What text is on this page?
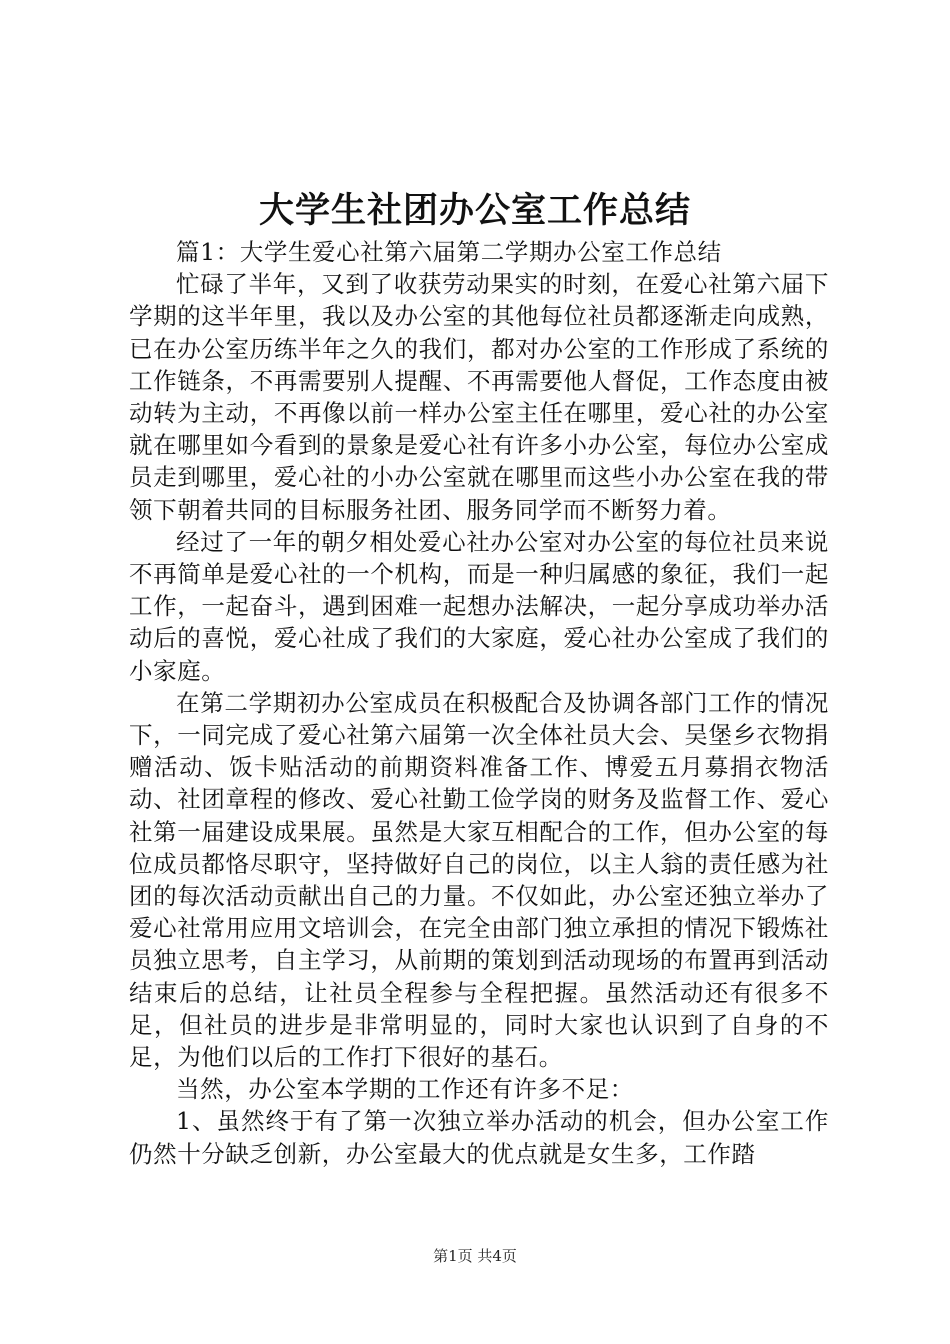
大学生社团办公室工作总结

篇1：大学生爱心社第六届第二学期办公室工作总结

忙碌了半年，又到了收获劳动果实的时刻，在爱心社第六届下学期的这半年里，我以及办公室的其他每位社员都逐渐走向成熟，已在办公室历练半年之久的我们，都对办公室的工作形成了系统的工作链条，不再需要别人提醒、不再需要他人督促，工作态度由被动转为主动，不再像以前一样办公室主任在哪里，爱心社的办公室就在哪里如今看到的景象是爱心社有许多小办公室，每位办公室成员走到哪里，爱心社的小办公室就在哪里而这些小办公室在我的带领下朝着共同的目标服务社团、服务同学而不断努力着。

经过了一年的朝夕相处爱心社办公室对办公室的每位社员来说不再简单是爱心社的一个机构，而是一种归属感的象征，我们一起工作，一起奋斗，遇到困难一起想办法解决，一起分享成功举办活动后的喜悦，爱心社成了我们的大家庭，爱心社办公室成了我们的小家庭。

在第二学期初办公室成员在积极配合及协调各部门工作的情况下，一同完成了爱心社第六届第一次全体社员大会、吴堡乡衣物捐赠活动、饭卡贴活动的前期资料准备工作、博爱五月募捐衣物活动、社团章程的修改、爱心社勤工俭学岗的财务及监督工作、爱心社第一届建设成果展。虽然是大家互相配合的工作，但办公室的每位成员都恪尽职守，坚持做好自己的岗位，以主人翁的责任感为社团的每次活动贡献出自己的力量。不仅如此，办公室还独立举办了爱心社常用应用文培训会，在完全由部门独立承担的情况下锻炼社员独立思考，自主学习，从前期的策划到活动现场的布置再到活动结束后的总结，让社员全程参与全程把握。虽然活动还有很多不足，但社员的进步是非常明显的，同时大家也认识到了自身的不足，为他们以后的工作打下很好的基石。

当然，办公室本学期的工作还有许多不足：

1、虽然终于有了第一次独立举办活动的机会，但办公室工作仍然十分缺乏创新，办公室最大的优点就是女生多，工作踏

第1页 共4页
